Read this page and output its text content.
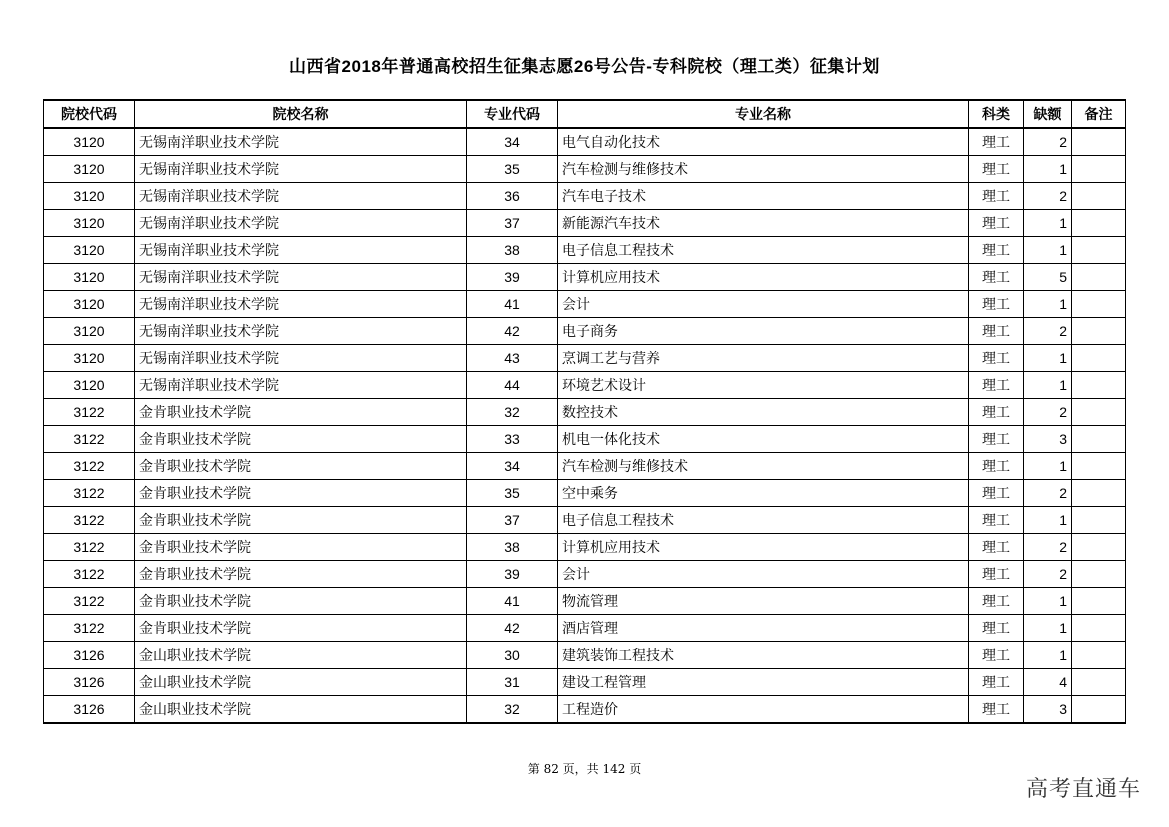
山西省2018年普通高校招生征集志愿26号公告-专科院校（理工类）征集计划
院校代码	院校名称	专业代码	专业名称	科类	缺额	备注
3120	无锡南洋职业技术学院	34	电气自动化技术	理工	2	
3120	无锡南洋职业技术学院	35	汽车检测与维修技术	理工	1	
3120	无锡南洋职业技术学院	36	汽车电子技术	理工	2	
3120	无锡南洋职业技术学院	37	新能源汽车技术	理工	1	
3120	无锡南洋职业技术学院	38	电子信息工程技术	理工	1	
3120	无锡南洋职业技术学院	39	计算机应用技术	理工	5	
3120	无锡南洋职业技术学院	41	会计	理工	1	
3120	无锡南洋职业技术学院	42	电子商务	理工	2	
3120	无锡南洋职业技术学院	43	烹调工艺与营养	理工	1	
3120	无锡南洋职业技术学院	44	环境艺术设计	理工	1	
3122	金肯职业技术学院	32	数控技术	理工	2	
3122	金肯职业技术学院	33	机电一体化技术	理工	3	
3122	金肯职业技术学院	34	汽车检测与维修技术	理工	1	
3122	金肯职业技术学院	35	空中乘务	理工	2	
3122	金肯职业技术学院	37	电子信息工程技术	理工	1	
3122	金肯职业技术学院	38	计算机应用技术	理工	2	
3122	金肯职业技术学院	39	会计	理工	2	
3122	金肯职业技术学院	41	物流管理	理工	1	
3122	金肯职业技术学院	42	酒店管理	理工	1	
3126	金山职业技术学院	30	建筑装饰工程技术	理工	1	
3126	金山职业技术学院	31	建设工程管理	理工	4	
3126	金山职业技术学院	32	工程造价	理工	3	
第 82 页，共 142 页
高考直通车
